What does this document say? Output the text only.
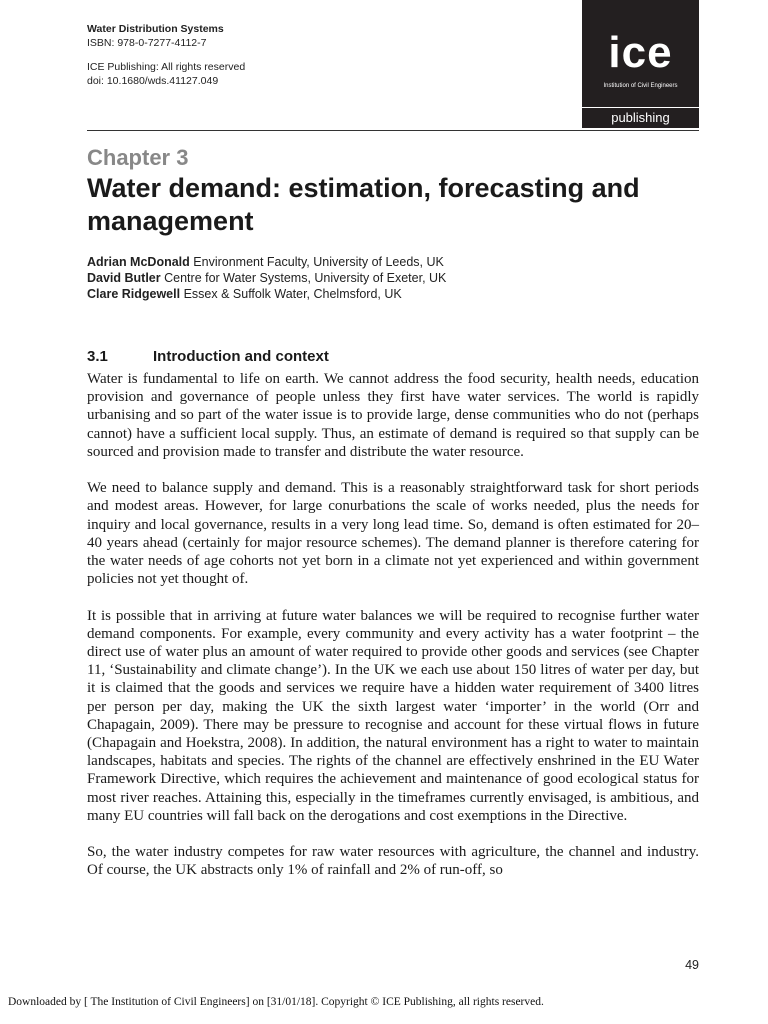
Water Distribution Systems
ISBN: 978-0-7277-4112-7
ICE Publishing: All rights reserved
doi: 10.1680/wds.41127.049
ice
Institution of Civil Engineers
publishing
Chapter 3
Water demand: estimation, forecasting and management
Adrian McDonald Environment Faculty, University of Leeds, UK
David Butler Centre for Water Systems, University of Exeter, UK
Clare Ridgewell Essex & Suffolk Water, Chelmsford, UK
3.1	Introduction and context

Water is fundamental to life on earth. We cannot address the food security, health needs, education provision and governance of people unless they first have water services. The world is rapidly urbanising and so part of the water issue is to provide large, dense communities who do not (perhaps cannot) have a sufficient local supply. Thus, an estimate of demand is required so that supply can be sourced and provision made to transfer and distribute the water resource.

We need to balance supply and demand. This is a reasonably straightforward task for short periods and modest areas. However, for large conurbations the scale of works needed, plus the needs for inquiry and local governance, results in a very long lead time. So, demand is often estimated for 20–40 years ahead (certainly for major resource schemes). The demand planner is therefore catering for the water needs of age cohorts not yet born in a climate not yet experienced and within government policies not yet thought of.

It is possible that in arriving at future water balances we will be required to recognise further water demand components. For example, every community and every activity has a water footprint – the direct use of water plus an amount of water required to provide other goods and services (see Chapter 11, ‘Sustainability and climate change’). In the UK we each use about 150 litres of water per day, but it is claimed that the goods and services we require have a hidden water requirement of 3400 litres per person per day, making the UK the sixth largest water ‘importer’ in the world (Orr and Chapagain, 2009). There may be pressure to recognise and account for these virtual flows in future (Chapagain and Hoekstra, 2008). In addition, the natural environment has a right to water to maintain landscapes, habitats and species. The rights of the channel are effectively enshrined in the EU Water Framework Directive, which requires the achievement and maintenance of good ecological status for most river reaches. Attaining this, especially in the timeframes currently envisaged, is ambitious, and many EU countries will fall back on the derogations and cost exemptions in the Directive.

So, the water industry competes for raw water resources with agriculture, the channel and industry. Of course, the UK abstracts only 1% of rainfall and 2% of run-off, so

49
Downloaded by [ The Institution of Civil Engineers] on [31/01/18]. Copyright © ICE Publishing, all rights reserved.
